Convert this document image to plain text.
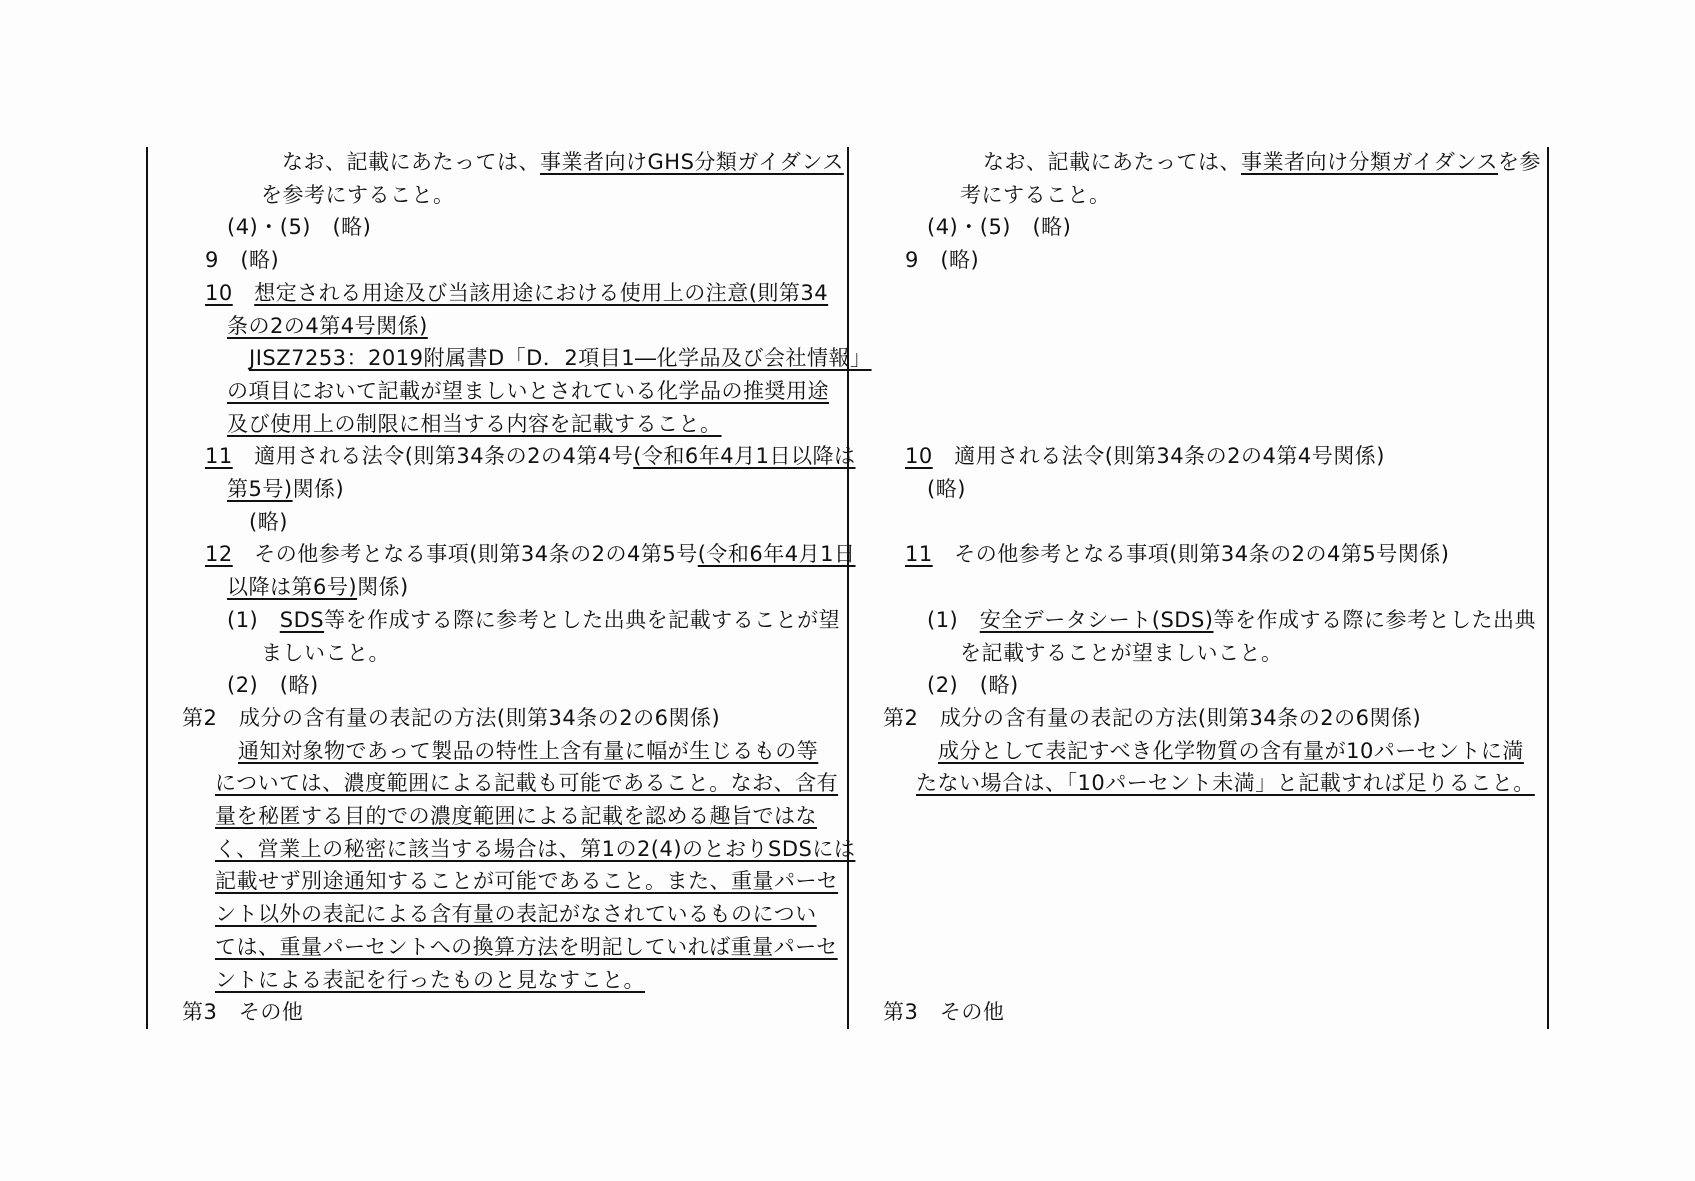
なお、記載にあたっては、事業者向けGHS分類ガイダンス
を参考にすること。
(4)・(5)　(略)
9　(略)
10　 想定される用途及び当該用途における使用上の注意(則第34
条の2の4第4号関係)
JISZ7253：2019附属書D「D．2項目1―化学品及び会社情報」
の項目において記載が望ましいとされている化学品の推奨用途
及び使用上の制限に相当する内容を記載すること。
11　適用される法令(則第34条の2の4第4号(令和6年4月1日以降は
第5号)関係)
(略)
12　その他参考となる事項(則第34条の2の4第5号(令和6年4月1日
以降は第6号)関係)
(1)　SDS等を作成する際に参考とした出典を記載することが望
ましいこと。
(2)　(略)
第2　成分の含有量の表記の方法(則第34条の2の6関係)
通知対象物であって製品の特性上含有量に幅が生じるもの等
については、濃度範囲による記載も可能であること。なお、含有
量を秘匿する目的での濃度範囲による記載を認める趣旨ではな
く、営業上の秘密に該当する場合は、第1の2(4)のとおりSDSには
記載せず別途通知することが可能であること。また、重量パーセ
ント以外の表記による含有量の表記がなされているものについ
ては、重量パーセントへの換算方法を明記していれば重量パーセ
ントによる表記を行ったものと見なすこと。
第3　その他
なお、記載にあたっては、事業者向け分類ガイダンスを参
考にすること。
(4)・(5)　(略)
9　(略)
10　適用される法令(則第34条の2の4第4号関係)
(略)
11　その他参考となる事項(則第34条の2の4第5号関係)
(1)　安全データシート(SDS)等を作成する際に参考とした出典
を記載することが望ましいこと。
(2)　(略)
第2　成分の含有量の表記の方法(則第34条の2の6関係)
成分として表記すべき化学物質の含有量が10パーセントに満
たない場合は、「10パーセント未満」と記載すれば足りること。
第3　その他
